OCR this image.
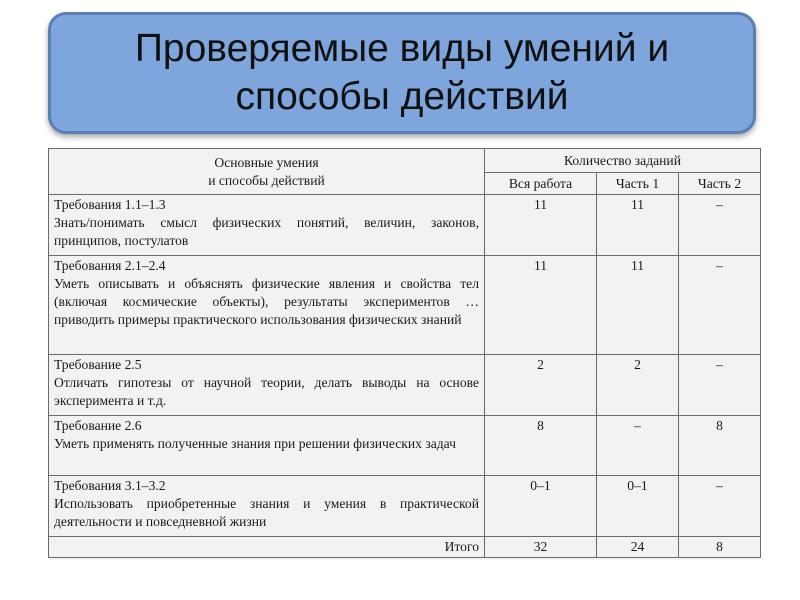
Проверяемые виды умений и
способы действий
Основные умения
и способы действий	Количество заданий		
	Вся работа	Часть 1	Часть 2

Требования 1.1–1.3
Знать/понимать смысл физических понятий, величин, законов, принципов, постулатов	11	11	–

Требования 2.1–2.4
Уметь описывать и объяснять физические явления и свойства тел (включая космические объекты), результаты экспериментов … приводить примеры практического использования физических знаний	11	11	–

Требование 2.5
Отличать гипотезы от научной теории, делать выводы на основе эксперимента и т.д.	2	2	–

Требование 2.6
Уметь применять полученные знания при решении физических задач	8	–	8

Требования 3.1–3.2
Использовать приобретенные знания и умения в практической деятельности и повседневной жизни	0–1	0–1	–
Итого	32	24	8
